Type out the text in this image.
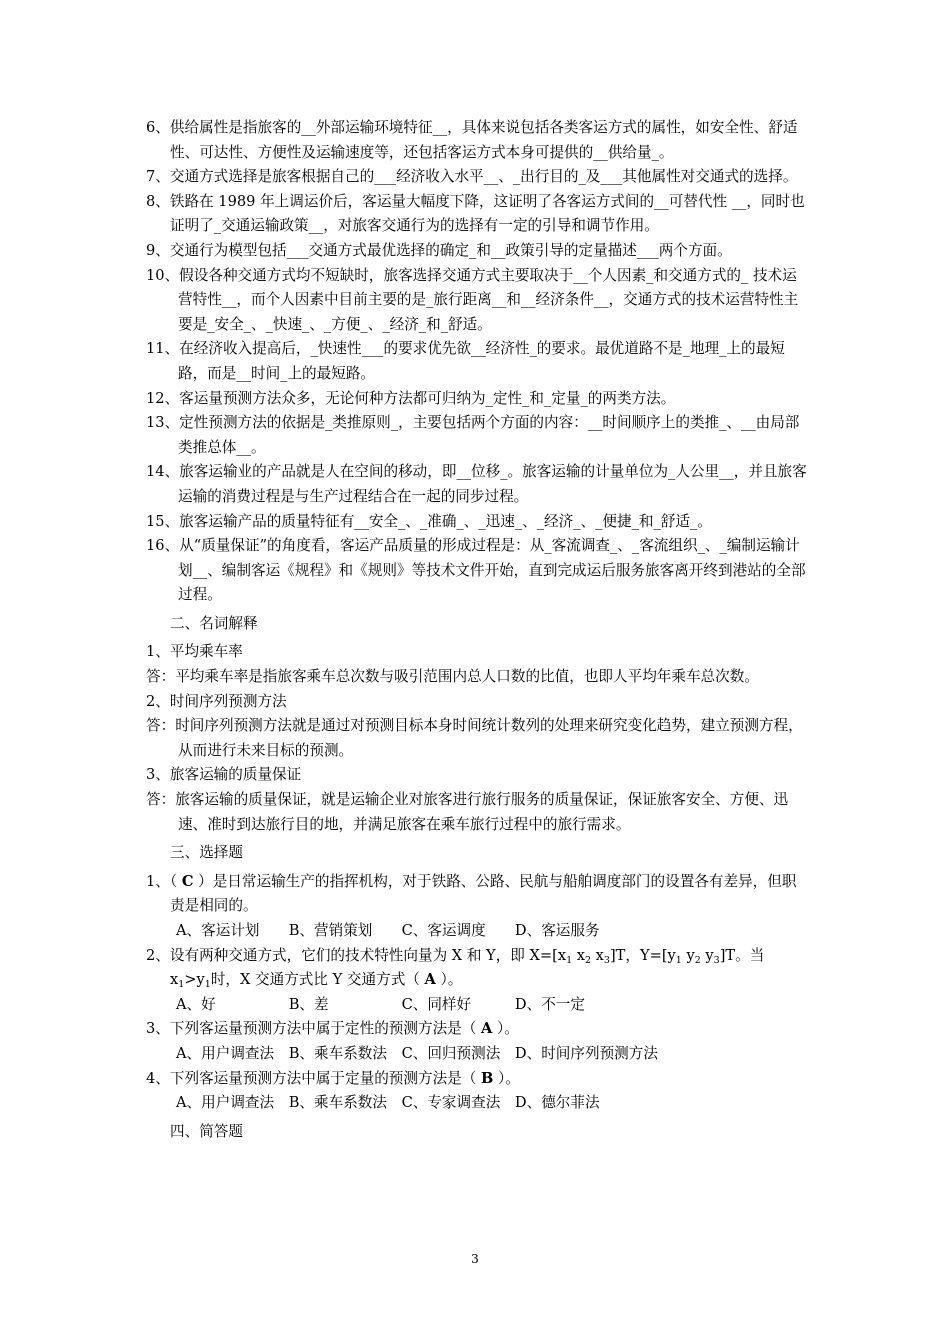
6、供给属性是指旅客的__外部运输环境特征__，具体来说包括各类客运方式的属性，如安全性、舒适性、可达性、方便性及运输速度等，还包括客运方式本身可提供的__供给量_。
7、交通方式选择是旅客根据自己的___经济收入水平__、_出行目的_及___其他属性对交通式的选择。
8、铁路在 1989 年上调运价后，客运量大幅度下降，这证明了各客运方式间的__可替代性 __，同时也证明了_交通运输政策__，对旅客交通行为的选择有一定的引导和调节作用。
9、交通行为模型包括___交通方式最优选择的确定_和__政策引导的定量描述___两个方面。
10、假设各种交通方式均不短缺时，旅客选择交通方式主要取决于__个人因素_和交通方式的_ 技术运营特性__，而个人因素中目前主要的是_旅行距离__和__经济条件__，交通方式的技术运营特性主要是_安全_、_快速_、_方便_、_经济_和_舒适。
11、在经济收入提高后，_快速性___的要求优先欲__经济性_的要求。最优道路不是_地理_上的最短路，而是__时间_上的最短路。
12、客运量预测方法众多，无论何种方法都可归纳为_定性_和_定量_的两类方法。
13、定性预测方法的依据是_类推原则_，主要包括两个方面的内容：__时间顺序上的类推_、__由局部类推总体__。
14、旅客运输业的产品就是人在空间的移动，即__位移_。旅客运输的计量单位为_人公里__，并且旅客运输的消费过程是与生产过程结合在一起的同步过程。
15、旅客运输产品的质量特征有__安全_、_准确_、_迅速_、_经济_、_便捷_和_舒适_。
16、从“质量保证”的角度看，客运产品质量的形成过程是：从_客流调查_、_客流组织_、_编制运输计划__、编制客运《规程》和《规则》等技术文件开始，直到完成运后服务旅客离开终到港站的全部过程。
二、名词解释
1、平均乘车率
答：平均乘车率是指旅客乘车总次数与吸引范围内总人口数的比值，也即人平均年乘车总次数。
2、时间序列预测方法
答：时间序列预测方法就是通过对预测目标本身时间统计数列的处理来研究变化趋势，建立预测方程，从而进行未来目标的预测。
3、旅客运输的质量保证
答：旅客运输的质量保证，就是运输企业对旅客进行旅行服务的质量保证，保证旅客安全、方便、迅速、准时到达旅行目的地，并满足旅客在乘车旅行过程中的旅行需求。
三、选择题
1、（ C ）是日常运输生产的指挥机构，对于铁路、公路、民航与船舶调度部门的设置各有差异，但职责是相同的。
A、客运计划　　B、营销策划　　C、客运调度　　D、客运服务
2、设有两种交通方式，它们的技术特性向量为 X 和 Y，即 $X=[x_1$ $x_2$ $x_3]T$，$Y=[y_1$ $y_2$ $y_3]T$。当
$x_1>y_1$时，X 交通方式比 Y 交通方式（ A ）。
A、好　　　　　B、差　　　　　C、同样好　　　D、不一定
3、下列客运量预测方法中属于定性的预测方法是（ A ）。
A、用户调查法　B、乘车系数法　C、回归预测法　D、时间序列预测方法
4、下列客运量预测方法中属于定量的预测方法是（ B ）。
A、用户调查法　B、乘车系数法　C、专家调查法　D、德尔菲法
四、简答题
3
